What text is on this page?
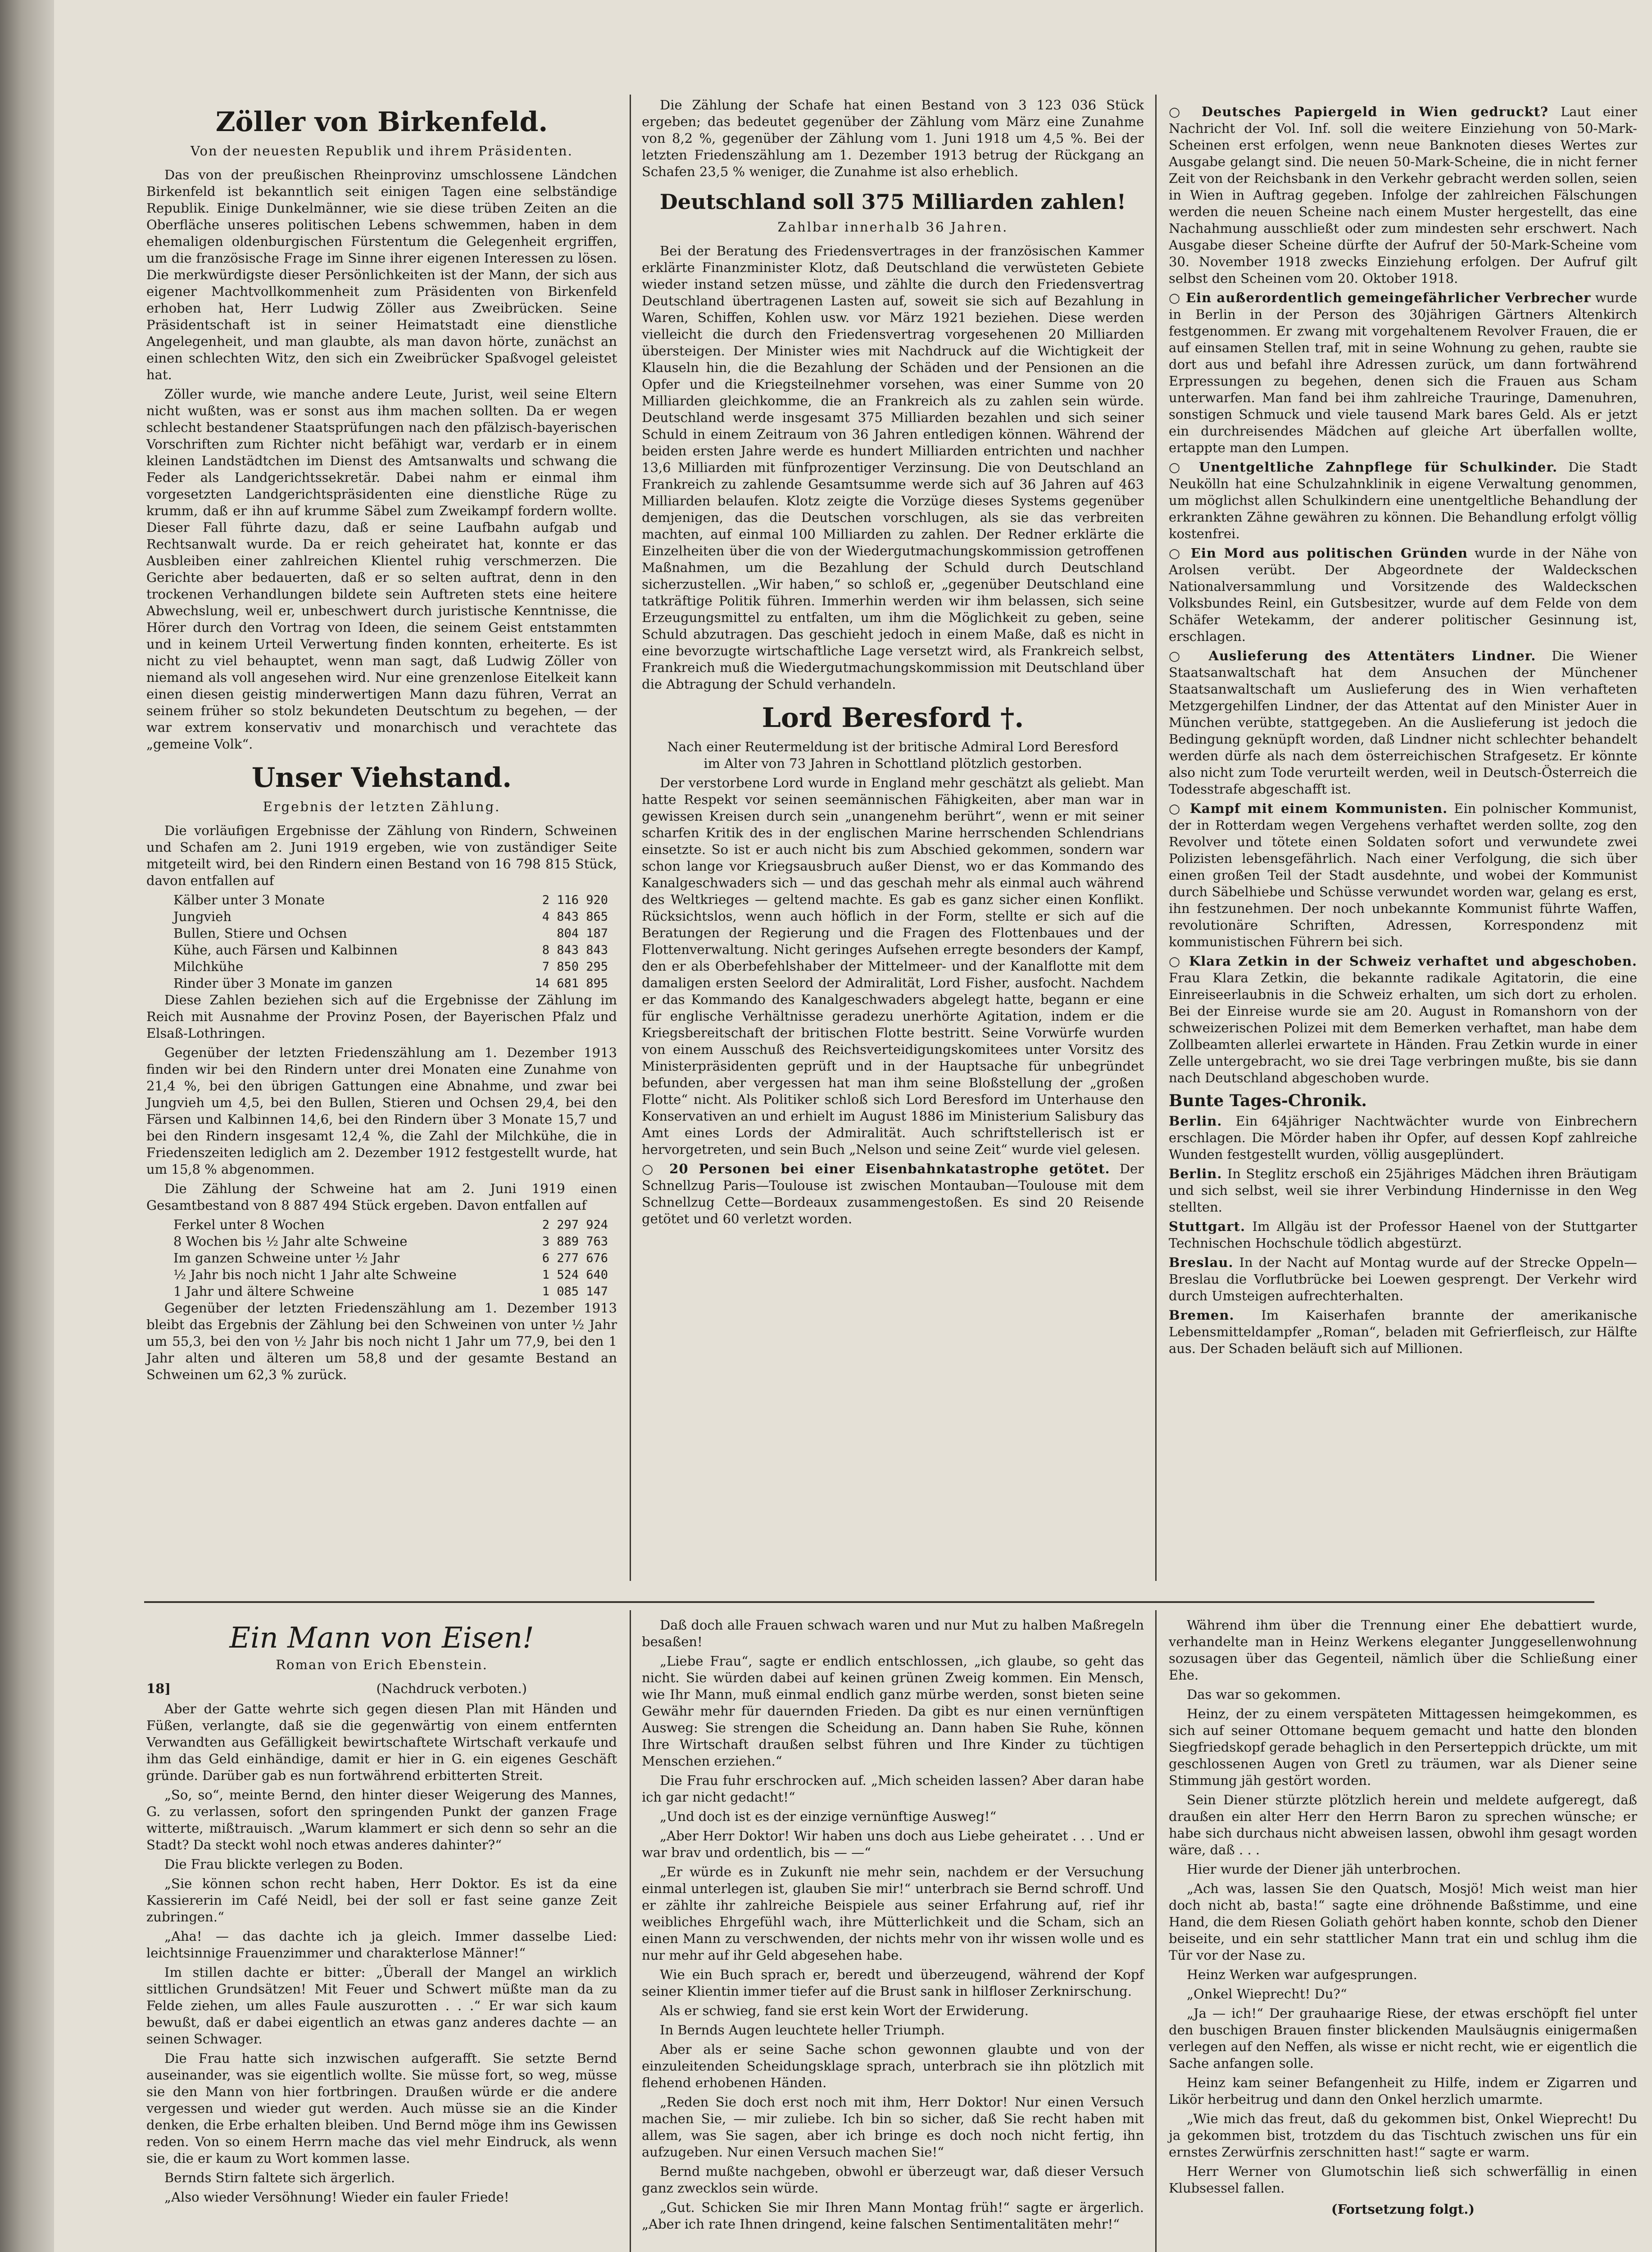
Zöller von Birkenfeld.
Von der neuesten Republik und ihrem Präsidenten.

Das von der preußischen Rheinprovinz umschlossene Ländchen Birkenfeld ist bekanntlich seit einigen Tagen eine selbständige Republik. Einige Dunkelmänner, wie sie diese trüben Zeiten an die Oberfläche unseres politischen Lebens schwemmen, haben in dem ehemaligen oldenburgischen Fürstentum die Gelegenheit ergriffen, um die französische Frage im Sinne ihrer eigenen Interessen zu lösen. Die merkwürdigste dieser Persönlichkeiten ist der Mann, der sich aus eigener Machtvollkommenheit zum Präsidenten von Birkenfeld erhoben hat, Herr Ludwig Zöller aus Zweibrücken. Seine Präsidentschaft ist in seiner Heimatstadt eine dienstliche Angelegenheit, und man glaubte, als man davon hörte, zunächst an einen schlechten Witz, den sich ein Zweibrücker Spaßvogel geleistet hat.

Zöller wurde, wie manche andere Leute, Jurist, weil seine Eltern nicht wußten, was er sonst aus ihm machen sollten. Da er wegen schlecht bestandener Staatsprüfungen nach den pfälzisch-bayerischen Vorschriften zum Richter nicht befähigt war, verdarb er in einem kleinen Landstädtchen im Dienst des Amtsanwalts und schwang die Feder als Landgerichtssekretär. Dabei nahm er einmal ihm vorgesetzten Landgerichtspräsidenten eine dienstliche Rüge zu krumm, daß er ihn auf krumme Säbel zum Zweikampf fordern wollte. Dieser Fall führte dazu, daß er seine Laufbahn aufgab und Rechtsanwalt wurde. Da er reich geheiratet hat, konnte er das Ausbleiben einer zahlreichen Klientel ruhig verschmerzen. Die Gerichte aber bedauerten, daß er so selten auftrat, denn in den trockenen Verhandlungen bildete sein Auftreten stets eine heitere Abwechslung, weil er, unbeschwert durch juristische Kenntnisse, die Hörer durch den Vortrag von Ideen, die seinem Geist entstammten und in keinem Urteil Verwertung finden konnten, erheiterte. Es ist nicht zu viel behauptet, wenn man sagt, daß Ludwig Zöller von niemand als voll angesehen wird. Nur eine grenzenlose Eitelkeit kann einen diesen geistig minderwertigen Mann dazu führen, Verrat an seinem früher so stolz bekundeten Deutschtum zu begehen, — der war extrem konservativ und monarchisch und verachtete das „gemeine Volk“.

Unser Viehstand.
Ergebnis der letzten Zählung.

Die vorläufigen Ergebnisse der Zählung von Rindern, Schweinen und Schafen am 2. Juni 1919 ergeben, wie von zuständiger Seite mitgeteilt wird, bei den Rindern einen Bestand von 16 798 815 Stück, davon entfallen auf

Kälber unter 3 Monate	2 116 920
Jungvieh	4 843 865
Bullen, Stiere und Ochsen	804 187
Kühe, auch Färsen und Kalbinnen	8 843 843
Milchkühe	7 850 295
Rinder über 3 Monate im ganzen	14 681 895

Diese Zahlen beziehen sich auf die Ergebnisse der Zählung im Reich mit Ausnahme der Provinz Posen, der Bayerischen Pfalz und Elsaß-Lothringen.

Gegenüber der letzten Friedenszählung am 1. Dezember 1913 finden wir bei den Rindern unter drei Monaten eine Zunahme von 21,4 %, bei den übrigen Gattungen eine Abnahme, und zwar bei Jungvieh um 4,5, bei den Bullen, Stieren und Ochsen 29,4, bei den Färsen und Kalbinnen 14,6, bei den Rindern über 3 Monate 15,7 und bei den Rindern insgesamt 12,4 %, die Zahl der Milchkühe, die in Friedenszeiten lediglich am 2. Dezember 1912 festgestellt wurde, hat um 15,8 % abgenommen.

Die Zählung der Schweine hat am 2. Juni 1919 einen Gesamtbestand von 8 887 494 Stück ergeben. Davon entfallen auf

Ferkel unter 8 Wochen	2 297 924
8 Wochen bis ½ Jahr alte Schweine	3 889 763
Im ganzen Schweine unter ½ Jahr	6 277 676
½ Jahr bis noch nicht 1 Jahr alte Schweine	1 524 640
1 Jahr und ältere Schweine	1 085 147

Gegenüber der letzten Friedenszählung am 1. Dezember 1913 bleibt das Ergebnis der Zählung bei den Schweinen von unter ½ Jahr um 55,3, bei den von ½ Jahr bis noch nicht 1 Jahr um 77,9, bei den 1 Jahr alten und älteren um 58,8 und der gesamte Bestand an Schweinen um 62,3 % zurück.

Die Zählung der Schafe hat einen Bestand von 3 123 036 Stück ergeben; das bedeutet gegenüber der Zählung vom März eine Zunahme von 8,2 %, gegenüber der Zählung vom 1. Juni 1918 um 4,5 %. Bei der letzten Friedenszählung am 1. Dezember 1913 betrug der Rückgang an Schafen 23,5 % weniger, die Zunahme ist also erheblich.

Deutschland soll 375 Milliarden zahlen!
Zahlbar innerhalb 36 Jahren.

Bei der Beratung des Friedensvertrages in der französischen Kammer erklärte Finanzminister Klotz, daß Deutschland die verwüsteten Gebiete wieder instand setzen müsse, und zählte die durch den Friedensvertrag Deutschland übertragenen Lasten auf, soweit sie sich auf Bezahlung in Waren, Schiffen, Kohlen usw. vor März 1921 beziehen. Diese werden vielleicht die durch den Friedensvertrag vorgesehenen 20 Milliarden übersteigen. Der Minister wies mit Nachdruck auf die Wichtigkeit der Klauseln hin, die die Bezahlung der Schäden und der Pensionen an die Opfer und die Kriegsteilnehmer vorsehen, was einer Summe von 20 Milliarden gleichkomme, die an Frankreich als zu zahlen sein würde. Deutschland werde insgesamt 375 Milliarden bezahlen und sich seiner Schuld in einem Zeitraum von 36 Jahren entledigen können. Während der beiden ersten Jahre werde es hundert Milliarden entrichten und nachher 13,6 Milliarden mit fünfprozentiger Verzinsung. Die von Deutschland an Frankreich zu zahlende Gesamtsumme werde sich auf 36 Jahren auf 463 Milliarden belaufen. Klotz zeigte die Vorzüge dieses Systems gegenüber demjenigen, das die Deutschen vorschlugen, als sie das verbreiten machten, auf einmal 100 Milliarden zu zahlen. Der Redner erklärte die Einzelheiten über die von der Wiedergutmachungskommission getroffenen Maßnahmen, um die Bezahlung der Schuld durch Deutschland sicherzustellen. „Wir haben,“ so schloß er, „gegenüber Deutschland eine tatkräftige Politik führen. Immerhin werden wir ihm belassen, sich seine Erzeugungsmittel zu entfalten, um ihm die Möglichkeit zu geben, seine Schuld abzutragen. Das geschieht jedoch in einem Maße, daß es nicht in eine bevorzugte wirtschaftliche Lage versetzt wird, als Frankreich selbst, Frankreich muß die Wiedergutmachungskommission mit Deutschland über die Abtragung der Schuld verhandeln.

Lord Beresford †.

Nach einer Reutermeldung ist der britische Admiral Lord Beresford im Alter von 73 Jahren in Schottland plötzlich gestorben.

Der verstorbene Lord wurde in England mehr geschätzt als geliebt. Man hatte Respekt vor seinen seemännischen Fähigkeiten, aber man war in gewissen Kreisen durch sein „unangenehm berührt“, wenn er mit seiner scharfen Kritik des in der englischen Marine herrschenden Schlendrians einsetzte. So ist er auch nicht bis zum Abschied gekommen, sondern war schon lange vor Kriegsausbruch außer Dienst, wo er das Kommando des Kanalgeschwaders sich — und das geschah mehr als einmal auch während des Weltkrieges — geltend machte. Es gab es ganz sicher einen Konflikt. Rücksichtslos, wenn auch höflich in der Form, stellte er sich auf die Beratungen der Regierung und die Fragen des Flottenbaues und der Flottenverwaltung. Nicht geringes Aufsehen erregte besonders der Kampf, den er als Oberbefehlshaber der Mittelmeer- und der Kanalflotte mit dem damaligen ersten Seelord der Admiralität, Lord Fisher, ausfocht. Nachdem er das Kommando des Kanalgeschwaders abgelegt hatte, begann er eine für englische Verhältnisse geradezu unerhörte Agitation, indem er die Kriegsbereitschaft der britischen Flotte bestritt. Seine Vorwürfe wurden von einem Ausschuß des Reichsverteidigungskomitees unter Vorsitz des Ministerpräsidenten geprüft und in der Hauptsache für unbegründet befunden, aber vergessen hat man ihm seine Bloßstellung der „großen Flotte“ nicht. Als Politiker schloß sich Lord Beresford im Unterhause den Konservativen an und erhielt im August 1886 im Ministerium Salisbury das Amt eines Lords der Admiralität. Auch schriftstellerisch ist er hervorgetreten, und sein Buch „Nelson und seine Zeit“ wurde viel gelesen.

○ 20 Personen bei einer Eisenbahnkatastrophe getötet. Der Schnellzug Paris—Toulouse ist zwischen Montauban—Toulouse mit dem Schnellzug Cette—Bordeaux zusammengestoßen. Es sind 20 Reisende getötet und 60 verletzt worden.

○ Deutsches Papiergeld in Wien gedruckt? Laut einer Nachricht der Vol. Inf. soll die weitere Einziehung von 50-Mark-Scheinen erst erfolgen, wenn neue Banknoten dieses Wertes zur Ausgabe gelangt sind. Die neuen 50-Mark-Scheine, die in nicht ferner Zeit von der Reichsbank in den Verkehr gebracht werden sollen, seien in Wien in Auftrag gegeben. Infolge der zahlreichen Fälschungen werden die neuen Scheine nach einem Muster hergestellt, das eine Nachahmung ausschließt oder zum mindesten sehr erschwert. Nach Ausgabe dieser Scheine dürfte der Aufruf der 50-Mark-Scheine vom 30. November 1918 zwecks Einziehung erfolgen. Der Aufruf gilt selbst den Scheinen vom 20. Oktober 1918.

○ Ein außerordentlich gemeingefährlicher Verbrecher wurde in Berlin in der Person des 30jährigen Gärtners Altenkirch festgenommen. Er zwang mit vorgehaltenem Revolver Frauen, die er auf einsamen Stellen traf, mit in seine Wohnung zu gehen, raubte sie dort aus und befahl ihre Adressen zurück, um dann fortwährend Erpressungen zu begehen, denen sich die Frauen aus Scham unterwarfen. Man fand bei ihm zahlreiche Trauringe, Damenuhren, sonstigen Schmuck und viele tausend Mark bares Geld. Als er jetzt ein durchreisendes Mädchen auf gleiche Art überfallen wollte, ertappte man den Lumpen.

○ Unentgeltliche Zahnpflege für Schulkinder. Die Stadt Neukölln hat eine Schulzahnklinik in eigene Verwaltung genommen, um möglichst allen Schulkindern eine unentgeltliche Behandlung der erkrankten Zähne gewähren zu können. Die Behandlung erfolgt völlig kostenfrei.

○ Ein Mord aus politischen Gründen wurde in der Nähe von Arolsen verübt. Der Abgeordnete der Waldeckschen Nationalversammlung und Vorsitzende des Waldeckschen Volksbundes Reinl, ein Gutsbesitzer, wurde auf dem Felde von dem Schäfer Wetekamm, der anderer politischer Gesinnung ist, erschlagen.

○ Auslieferung des Attentäters Lindner. Die Wiener Staatsanwaltschaft hat dem Ansuchen der Münchener Staatsanwaltschaft um Auslieferung des in Wien verhafteten Metzgergehilfen Lindner, der das Attentat auf den Minister Auer in München verübte, stattgegeben. An die Auslieferung ist jedoch die Bedingung geknüpft worden, daß Lindner nicht schlechter behandelt werden dürfe als nach dem österreichischen Strafgesetz. Er könnte also nicht zum Tode verurteilt werden, weil in Deutsch-Österreich die Todesstrafe abgeschafft ist.

○ Kampf mit einem Kommunisten. Ein polnischer Kommunist, der in Rotterdam wegen Vergehens verhaftet werden sollte, zog den Revolver und tötete einen Soldaten sofort und verwundete zwei Polizisten lebensgefährlich. Nach einer Verfolgung, die sich über einen großen Teil der Stadt ausdehnte, und wobei der Kommunist durch Säbelhiebe und Schüsse verwundet worden war, gelang es erst, ihn festzunehmen. Der noch unbekannte Kommunist führte Waffen, revolutionäre Schriften, Adressen, Korrespondenz mit kommunistischen Führern bei sich.

○ Klara Zetkin in der Schweiz verhaftet und abgeschoben. Frau Klara Zetkin, die bekannte radikale Agitatorin, die eine Einreiseerlaubnis in die Schweiz erhalten, um sich dort zu erholen. Bei der Einreise wurde sie am 20. August in Romanshorn von der schweizerischen Polizei mit dem Bemerken verhaftet, man habe dem Zollbeamten allerlei erwartete in Händen. Frau Zetkin wurde in einer Zelle untergebracht, wo sie drei Tage verbringen mußte, bis sie dann nach Deutschland abgeschoben wurde.

Bunte Tages-Chronik.

Berlin. Ein 64jähriger Nachtwächter wurde von Einbrechern erschlagen. Die Mörder haben ihr Opfer, auf dessen Kopf zahlreiche Wunden festgestellt wurden, völlig ausgeplündert.

Berlin. In Steglitz erschoß ein 25jähriges Mädchen ihren Bräutigam und sich selbst, weil sie ihrer Verbindung Hindernisse in den Weg stellten.

Stuttgart. Im Allgäu ist der Professor Haenel von der Stuttgarter Technischen Hochschule tödlich abgestürzt.

Breslau. In der Nacht auf Montag wurde auf der Strecke Oppeln—Breslau die Vorflutbrücke bei Loewen gesprengt. Der Verkehr wird durch Umsteigen aufrechterhalten.

Bremen. Im Kaiserhafen brannte der amerikanische Lebensmitteldampfer „Roman“, beladen mit Gefrierfleisch, zur Hälfte aus. Der Schaden beläuft sich auf Millionen.

Ein Mann von Eisen!
Roman von Erich Ebenstein.
18]	(Nachdruck verboten.)

Aber der Gatte wehrte sich gegen diesen Plan mit Händen und Füßen, verlangte, daß sie die gegenwärtig von einem entfernten Verwandten aus Gefälligkeit bewirtschaftete Wirtschaft verkaufe und ihm das Geld einhändige, damit er hier in G. ein eigenes Geschäft gründe. Darüber gab es nun fortwährend erbitterten Streit.

„So, so“, meinte Bernd, den hinter dieser Weigerung des Mannes, G. zu verlassen, sofort den springenden Punkt der ganzen Frage witterte, mißtrauisch. „Warum klammert er sich denn so sehr an die Stadt? Da steckt wohl noch etwas anderes dahinter?“

Die Frau blickte verlegen zu Boden.

„Sie können schon recht haben, Herr Doktor. Es ist da eine Kassiererin im Café Neidl, bei der soll er fast seine ganze Zeit zubringen.“

„Aha! — das dachte ich ja gleich. Immer dasselbe Lied: leichtsinnige Frauenzimmer und charakterlose Männer!“

Im stillen dachte er bitter: „Überall der Mangel an wirklich sittlichen Grundsätzen! Mit Feuer und Schwert müßte man da zu Felde ziehen, um alles Faule auszurotten . . .“ Er war sich kaum bewußt, daß er dabei eigentlich an etwas ganz anderes dachte — an seinen Schwager.

Die Frau hatte sich inzwischen aufgerafft. Sie setzte Bernd auseinander, was sie eigentlich wollte. Sie müsse fort, so weg, müsse sie den Mann von hier fortbringen. Draußen würde er die andere vergessen und wieder gut werden. Auch müsse sie an die Kinder denken, die Erbe erhalten bleiben. Und Bernd möge ihm ins Gewissen reden. Von so einem Herrn mache das viel mehr Eindruck, als wenn sie, die er kaum zu Wort kommen lasse.

Bernds Stirn faltete sich ärgerlich.

„Also wieder Versöhnung! Wieder ein fauler Friede!

Daß doch alle Frauen schwach waren und nur Mut zu halben Maßregeln besaßen!

„Liebe Frau“, sagte er endlich entschlossen, „ich glaube, so geht das nicht. Sie würden dabei auf keinen grünen Zweig kommen. Ein Mensch, wie Ihr Mann, muß einmal endlich ganz mürbe werden, sonst bieten seine Gewähr mehr für dauernden Frieden. Da gibt es nur einen vernünftigen Ausweg: Sie strengen die Scheidung an. Dann haben Sie Ruhe, können Ihre Wirtschaft draußen selbst führen und Ihre Kinder zu tüchtigen Menschen erziehen.“

Die Frau fuhr erschrocken auf. „Mich scheiden lassen? Aber daran habe ich gar nicht gedacht!“

„Und doch ist es der einzige vernünftige Ausweg!“

„Aber Herr Doktor! Wir haben uns doch aus Liebe geheiratet . . . Und er war brav und ordentlich, bis — —“

„Er würde es in Zukunft nie mehr sein, nachdem er der Versuchung einmal unterlegen ist, glauben Sie mir!“ unterbrach sie Bernd schroff. Und er zählte ihr zahlreiche Beispiele aus seiner Erfahrung auf, rief ihr weibliches Ehrgefühl wach, ihre Mütterlichkeit und die Scham, sich an einen Mann zu verschwenden, der nichts mehr von ihr wissen wolle und es nur mehr auf ihr Geld abgesehen habe.

Wie ein Buch sprach er, beredt und überzeugend, während der Kopf seiner Klientin immer tiefer auf die Brust sank in hilfloser Zerknirschung.

Als er schwieg, fand sie erst kein Wort der Erwiderung.

In Bernds Augen leuchtete heller Triumph.

Aber als er seine Sache schon gewonnen glaubte und von der einzuleitenden Scheidungsklage sprach, unterbrach sie ihn plötzlich mit flehend erhobenen Händen.

„Reden Sie doch erst noch mit ihm, Herr Doktor! Nur einen Versuch machen Sie, — mir zuliebe. Ich bin so sicher, daß Sie recht haben mit allem, was Sie sagen, aber ich bringe es doch noch nicht fertig, ihn aufzugeben. Nur einen Versuch machen Sie!“

Bernd mußte nachgeben, obwohl er überzeugt war, daß dieser Versuch ganz zwecklos sein würde.

„Gut. Schicken Sie mir Ihren Mann Montag früh!“ sagte er ärgerlich. „Aber ich rate Ihnen dringend, keine falschen Sentimentalitäten mehr!“

Während ihm über die Trennung einer Ehe debattiert wurde, verhandelte man in Heinz Werkens eleganter Junggesellenwohnung sozusagen über das Gegenteil, nämlich über die Schließung einer Ehe.

Das war so gekommen.

Heinz, der zu einem verspäteten Mittagessen heimgekommen, es sich auf seiner Ottomane bequem gemacht und hatte den blonden Siegfriedskopf gerade behaglich in den Perserteppich drückte, um mit geschlossenen Augen von Gretl zu träumen, war als Diener seine Stimmung jäh gestört worden.

Sein Diener stürzte plötzlich herein und meldete aufgeregt, daß draußen ein alter Herr den Herrn Baron zu sprechen wünsche; er habe sich durchaus nicht abweisen lassen, obwohl ihm gesagt worden wäre, daß . . .

Hier wurde der Diener jäh unterbrochen.

„Ach was, lassen Sie den Quatsch, Mosjö! Mich weist man hier doch nicht ab, basta!“ sagte eine dröhnende Baßstimme, und eine Hand, die dem Riesen Goliath gehört haben konnte, schob den Diener beiseite, und ein sehr stattlicher Mann trat ein und schlug ihm die Tür vor der Nase zu.

Heinz Werken war aufgesprungen.

„Onkel Wieprecht! Du?“

„Ja — ich!“ Der grauhaarige Riese, der etwas erschöpft fiel unter den buschigen Brauen finster blickenden Maulsäugnis einigermaßen verlegen auf den Neffen, als wisse er nicht recht, wie er eigentlich die Sache anfangen solle.

Heinz kam seiner Befangenheit zu Hilfe, indem er Zigarren und Likör herbeitrug und dann den Onkel herzlich umarmte.

„Wie mich das freut, daß du gekommen bist, Onkel Wieprecht! Du ja gekommen bist, trotzdem du das Tischtuch zwischen uns für ein ernstes Zerwürfnis zerschnitten hast!“ sagte er warm.

Herr Werner von Glumotschin ließ sich schwerfällig in einen Klubsessel fallen.

(Fortsetzung folgt.)
